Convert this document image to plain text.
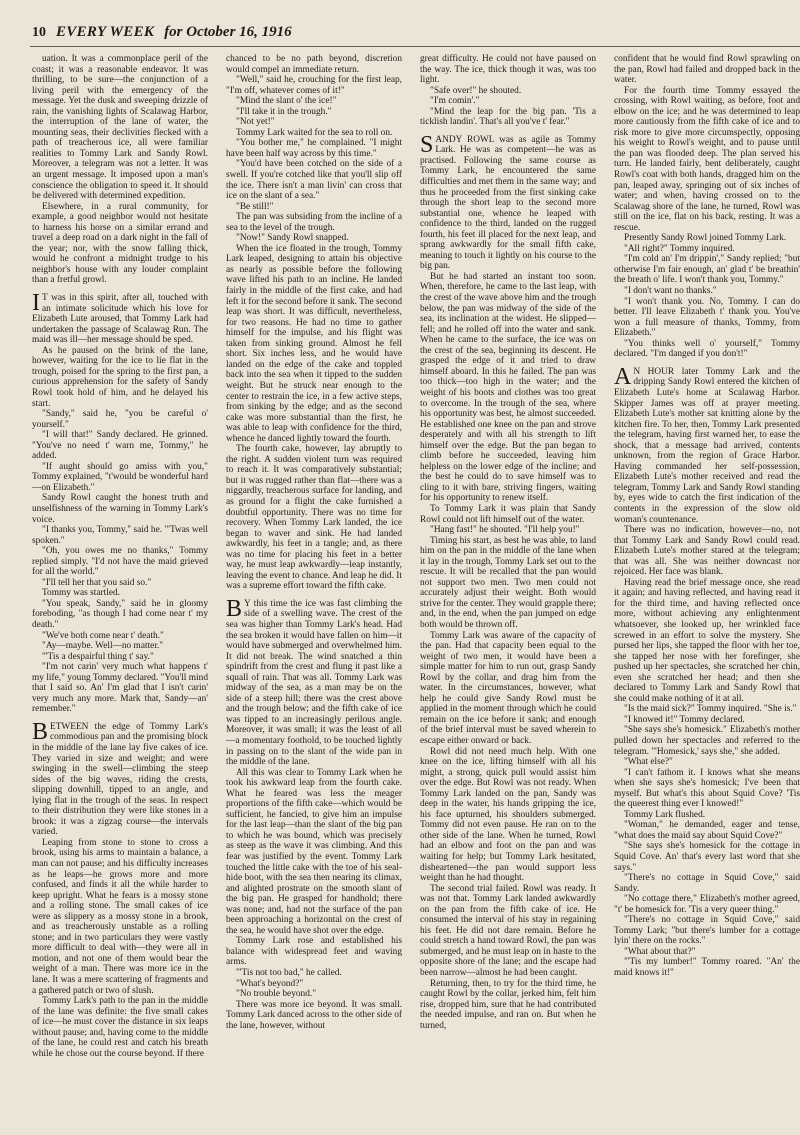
10 EVERY WEEK for October 16, 1916

uation. It was a commonplace peril of the coast; it was a reasonable endeavor. It was thrilling, to be sure—the conjunction of a living peril with the emergency of the message. Yet the dusk and sweeping drizzle of rain, the vanishing lights of Scalawag Harbor, the interruption of the lane of water, the mounting seas, their declivities flecked with a path of treacherous ice, all were familiar realities to Tommy Lark and Sandy Rowl. Moreover, a telegram was not a letter. It was an urgent message. It imposed upon a man's conscience the obligation to speed it. It should be delivered with determined expedition.

Elsewhere, in a rural community, for example, a good neighbor would not hesitate to harness his horse on a similar errand and travel a deep road on a dark night in the fall of the year; nor, with the snow falling thick, would he confront a midnight trudge to his neighbor's house with any louder complaint than a fretful growl.

I T was in this spirit, after all, touched with an intimate solicitude which his love for Elizabeth Lute aroused, that Tommy Lark had undertaken the passage of Scalawag Run. The maid was ill—her message should be sped.

As he paused on the brink of the lane, however, waiting for the ice to lie flat in the trough, poised for the spring to the first pan, a curious apprehension for the safety of Sandy Rowl took hold of him, and he delayed his start.

"Sandy," said he, "you be careful o' yourself."

"I will that!" Sandy declared. He grinned. "You've no need t' warn me, Tommy," he added.

"If aught should go amiss with you," Tommy explained, "t'would be wonderful hard—on Elizabeth."

Sandy Rowl caught the honest truth and unselfishness of the warning in Tommy Lark's voice.

"I thanks you, Tommy," said he. "'Twas well spoken."

"Oh, you owes me no thanks," Tommy replied simply. "I'd not have the maid grieved for all the world."

"I'll tell her that you said so."

Tommy was startled.

"You speak, Sandy," said he in gloomy foreboding, "as though I had come near t' my death."

"We've both come near t' death."

"Ay—maybe. Well—no matter."

"'Tis a despairful thing t' say."

"I'm not carin' very much what happens t' my life," young Tommy declared. "You'll mind that I said so. An' I'm glad that I isn't carin' very much any more. Mark that, Sandy—an' remember."

BETWEEN the edge of Tommy Lark's commodious pan and the promising block in the middle of the lane lay five cakes of ice. They varied in size and weight; and were swinging in the swell—climbing the steep sides of the big waves, riding the crests, slipping downhill, tipped to an angle, and lying flat in the trough of the seas. In respect to their distribution they were like stones in a brook: it was a zigzag course—the intervals varied.

Leaping from stone to stone to cross a brook, using his arms to maintain a balance, a man can not pause; and his difficulty increases as he leaps—he grows more and more confused, and finds it all the while harder to keep upright. What he fears is a mossy stone and a rolling stone. The small cakes of ice were as slippery as a mossy stone in a brook, and as treacherously unstable as a rolling stone; and in two particulars they were vastly more difficult to deal with—they were all in motion, and not one of them would bear the weight of a man. There was more ice in the lane. It was a mere scattering of fragments and a gathered patch or two of slush.

Tommy Lark's path to the pan in the middle of the lane was definite: the five small cakes of ice—he must cover the distance in six leaps without pause; and, having come to the middle of the lane, he could rest and catch his breath while he chose out the course beyond. If there

chanced to be no path beyond, discretion would compel an immediate return.

"Well," said he, crouching for the first leap, "I'm off, whatever comes of it!"

"Mind the slant o' the ice!"

"I'll take it in the trough."

"Not yet!"

Tommy Lark waited for the sea to roll on.

"You bother me," he complained. "I might have been half way across by this time."

"You'd have been cotched on the side of a swell. If you're cotched like that you'll slip off the ice. There isn't a man livin' can cross that ice on the slant of a sea."

"Be still!"

The pan was subsiding from the incline of a sea to the level of the trough.

"Now!" Sandy Rowl snapped.

When the ice floated in the trough, Tommy Lark leaped, designing to attain his objective as nearly as possible before the following wave lifted his path to an incline. He landed fairly in the middle of the first cake, and had left it for the second before it sank. The second leap was short. It was difficult, nevertheless, for two reasons. He had no time to gather himself for the impulse, and his flight was taken from sinking ground. Almost he fell short. Six inches less, and he would have landed on the edge of the cake and toppled back into the sea when it tipped to the sudden weight. But he struck near enough to the center to restrain the ice, in a few active steps, from sinking by the edge; and as the second cake was more substantial than the first, he was able to leap with confidence for the third, whence he danced lightly toward the fourth.

The fourth cake, however, lay abruptly to the right. A sudden violent turn was required to reach it. It was comparatively substantial; but it was rugged rather than flat—there was a niggardly, treacherous surface for landing, and as ground for a flight the cake furnished a doubtful opportunity. There was no time for recovery. When Tommy Lark landed, the ice began to waver and sink. He had landed awkwardly, his feet in a tangle; and, as there was no time for placing his feet in a better way, he must leap awkwardly—leap instantly, leaving the event to chance. And leap he did. It was a supreme effort toward the fifth cake.

B Y this time the ice was fast climbing the side of a swelling wave. The crest of the sea was higher than Tommy Lark's head. Had the sea broken it would have fallen on him—it would have submerged and overwhelmed him. It did not break. The wind snatched a thin spindrift from the crest and flung it past like a squall of rain. That was all. Tommy Lark was midway of the sea, as a man may be on the side of a steep hill; there was the crest above and the trough below; and the fifth cake of ice was tipped to an increasingly perilous angle. Moreover, it was small; it was the least of all—a momentary foothold, to be touched lightly in passing on to the slant of the wide pan in the middle of the lane.

All this was clear to Tommy Lark when he took his awkward leap from the fourth cake. What he feared was less the meager proportions of the fifth cake—which would be sufficient, he fancied, to give him an impulse for the last leap—than the slant of the big pan to which he was bound, which was precisely as steep as the wave it was climbing. And this fear was justified by the event. Tommy Lark touched the little cake with the toe of his seal-hide boot, with the sea then nearing its climax, and alighted prostrate on the smooth slant of the big pan. He grasped for handhold; there was none; and, had not the surface of the pan been approaching a horizontal on the crest of the sea, he would have shot over the edge.

Tommy Lark rose and established his balance with widespread feet and waving arms.

"'Tis not too bad," he called.

"What's beyond?"

"No trouble beyond."

There was more ice beyond. It was small. Tommy Lark danced across to the other side of the lane, however, without

great difficulty. He could not have paused on the way. The ice, thick though it was, was too light.

"Safe over!" he shouted.

"I'm comin'."

"Mind the leap for the big pan. 'Tis a ticklish landin'. That's all you've t' fear."

SANDY ROWL was as agile as Tommy Lark. He was as competent—he was as practised. Following the same course as Tommy Lark, he encountered the same difficulties and met them in the same way; and thus he proceeded from the first sinking cake through the short leap to the second more substantial one, whence he leaped with confidence to the third, landed on the rugged fourth, his feet ill placed for the next leap, and sprang awkwardly for the small fifth cake, meaning to touch it lightly on his course to the big pan.

But he had started an instant too soon. When, therefore, he came to the last leap, with the crest of the wave above him and the trough below, the pan was midway of the side of the sea, its inclination at the widest. He slipped—fell; and he rolled off into the water and sank. When he came to the surface, the ice was on the crest of the sea, beginning its descent. He grasped the edge of it and tried to draw himself aboard. In this he failed. The pan was too thick—too high in the water; and the weight of his boots and clothes was too great to overcome. In the trough of the sea, where his opportunity was best, he almost succeeded. He established one knee on the pan and strove desperately and with all his strength to lift himself over the edge. But the pan began to climb before he succeeded, leaving him helpless on the lower edge of the incline; and the best he could do to save himself was to cling to it with bare, striving fingers, waiting for his opportunity to renew itself.

To Tommy Lark it was plain that Sandy Rowl could not lift himself out of the water.

"Hang fast!" he shouted. "I'll help you!"

Timing his start, as best he was able, to land him on the pan in the middle of the lane when it lay in the trough, Tommy Lark set out to the rescue. It will be recalled that the pan would not support two men. Two men could not accurately adjust their weight. Both would strive for the center. They would grapple there; and, in the end, when the pan jumped on edge both would be thrown off.

Tommy Lark was aware of the capacity of the pan. Had that capacity been equal to the weight of two men, it would have been a simple matter for him to run out, grasp Sandy Rowl by the collar, and drag him from the water. In the circumstances, however, what help he could give Sandy Rowl must be applied in the moment through which he could remain on the ice before it sank; and enough of the brief interval must be saved wherein to escape either onward or back.

Rowl did not need much help. With one knee on the ice, lifting himself with all his might, a strong, quick pull would assist him over the edge. But Rowl was not ready. When Tommy Lark landed on the pan, Sandy was deep in the water, his hands gripping the ice, his face upturned, his shoulders submerged. Tommy did not even pause. He ran on to the other side of the lane. When he turned, Rowl had an elbow and foot on the pan and was waiting for help; but Tommy Lark hesitated, disheartened—the pan would support less weight than he had thought.

The second trial failed. Rowl was ready. It was not that. Tommy Lark landed awkwardly on the pan from the fifth cake of ice. He consumed the interval of his stay in regaining his feet. He did not dare remain. Before he could stretch a hand toward Rowl, the pan was submerged, and he must leap on in haste to the opposite shore of the lane; and the escape had been narrow—almost he had been caught.

Returning, then, to try for the third time, he caught Rowl by the collar, jerked him, felt him rise, dropped him, sure that he had contributed the needed impulse, and ran on. But when he turned,

confident that he would find Rowl sprawling on the pan, Rowl had failed and dropped back in the water.

For the fourth time Tommy essayed the crossing, with Rowl waiting, as before, foot and elbow on the ice; and he was determined to leap more cautiously from the fifth cake of ice and to risk more to give more circumspectly, opposing his weight to Rowl's weight, and to pause until the pan was flooded deep. The plan served his turn. He landed fairly, bent deliberately, caught Rowl's coat with both hands, dragged him on the pan, leaped away, springing out of six inches of water; and when, having crossed on to the Scalawag shore of the lane, he turned, Rowl was still on the ice, flat on his back, resting. It was a rescue.

Presently Sandy Rowl joined Tommy Lark.

"All right?" Tommy inquired.

"I'm cold an' I'm drippin'," Sandy replied; "but otherwise I'm fair enough, an' glad t' be breathin' the breath o' life. I won't thank you, Tommy."

"I don't want no thanks."

"I won't thank you. No, Tommy. I can do better. I'll leave Elizabeth t' thank you. You've won a full measure of thanks, Tommy, from Elizabeth."

"You thinks well o' yourself," Tommy declared. "I'm danged if you don't!"

A N HOUR later Tommy Lark and the dripping Sandy Rowl entered the kitchen of Elizabeth Lute's home at Scalawag Harbor. Skipper James was off at prayer meeting. Elizabeth Lute's mother sat knitting alone by the kitchen fire. To her, then, Tommy Lark presented the telegram, having first warned her, to ease the shock, that a message had arrived, contents unknown, from the region of Grace Harbor. Having commanded her self-possession, Elizabeth Lute's mother received and read the telegram, Tommy Lark and Sandy Rowl standing by, eyes wide to catch the first indication of the contents in the expression of the slow old woman's countenance.

There was no indication, however—no, not that Tommy Lark and Sandy Rowl could read. Elizabeth Lute's mother stared at the telegram; that was all. She was neither downcast nor rejoiced. Her face was blank.

Having read the brief message once, she read it again; and having reflected, and having read it for the third time, and having reflected once more, without achieving any enlightenment whatsoever, she looked up, her wrinkled face screwed in an effort to solve the mystery. She pursed her lips, she tapped the floor with her toe, she tapped her nose with her forefinger, she pushed up her spectacles, she scratched her chin, even she scratched her head; and then she declared to Tommy Lark and Sandy Rowl that she could make nothing of it at all.

"Is the maid sick?" Tommy inquired. "She is."

"I knowed it!" Tommy declared.

"She says she's homesick." Elizabeth's mother pulled down her spectacles and referred to the telegram. "'Homesick,' says she," she added.

"What else?"

"I can't fathom it. I knows what she means when she says she's homesick; I've been that myself. But what's this about Squid Cove? 'Tis the queerest thing ever I knowed!"

Tommy Lark flushed.

"Woman," he demanded, eager and tense, "what does the maid say about Squid Cove?"

"She says she's homesick for the cottage in Squid Cove. An' that's every last word that she says."

"There's no cottage in Squid Cove," said Sandy.

"No cottage there," Elizabeth's mother agreed, "t' be homesick for. 'Tis a very queer thing."

"There's no cottage in Squid Cove," said Tommy Lark; "but there's lumber for a cottage lyin' there on the rocks."

"What about that?"

"'Tis my lumber!" Tommy roared. "An' the maid knows it!"
